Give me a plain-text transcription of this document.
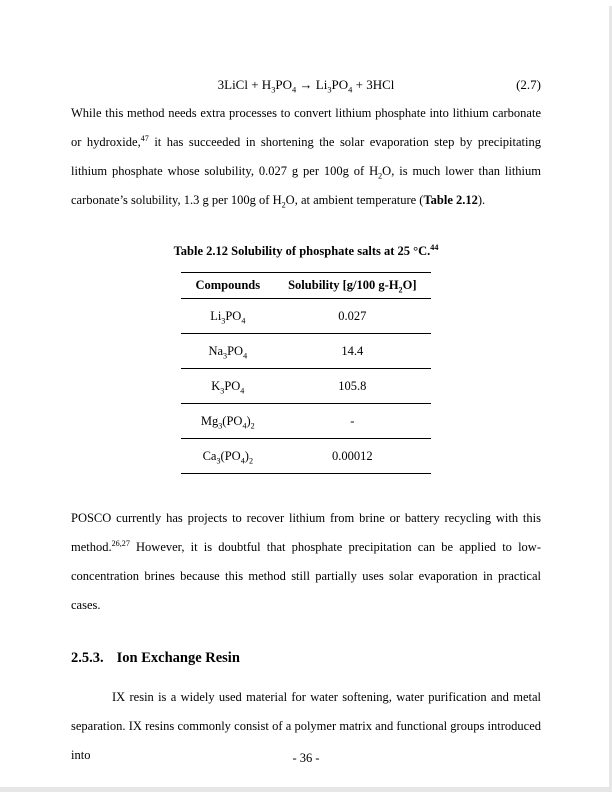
3LiCl + $H_3PO_4 \to Li_3PO_4 + 3HCl$	(2.7)

While this method needs extra processes to convert lithium phosphate into lithium carbonate or hydroxide,$^{47}$ it has succeeded in shortening the solar evaporation step by precipitating lithium phosphate whose solubility, 0.027 g per 100g of $H_2O$, is much lower than lithium carbonate’s solubility, 1.3 g per 100g of $H_2O$, at ambient temperature (Table 2.12).

Table 2.12 Solubility of phosphate salts at 25 °C.$^{44}$
Compounds	Solubility [g/100 $g-H_2O$]
$Li_3PO_4$	0.027
$Na_3PO_4$	14.4
$K_3PO_4$	105.8
$Mg_3(PO_4)_2$	-
$Ca_3(PO_4)_2$	0.00012

POSCO currently has projects to recover lithium from brine or battery recycling with this method.$^{26,27}$ However, it is doubtful that phosphate precipitation can be applied to low-concentration brines because this method still partially uses solar evaporation in practical cases.

2.5.3. Ion Exchange Resin

IX resin is a widely used material for water softening, water purification and metal separation. IX resins commonly consist of a polymer matrix and functional groups introduced into	- 36 -
